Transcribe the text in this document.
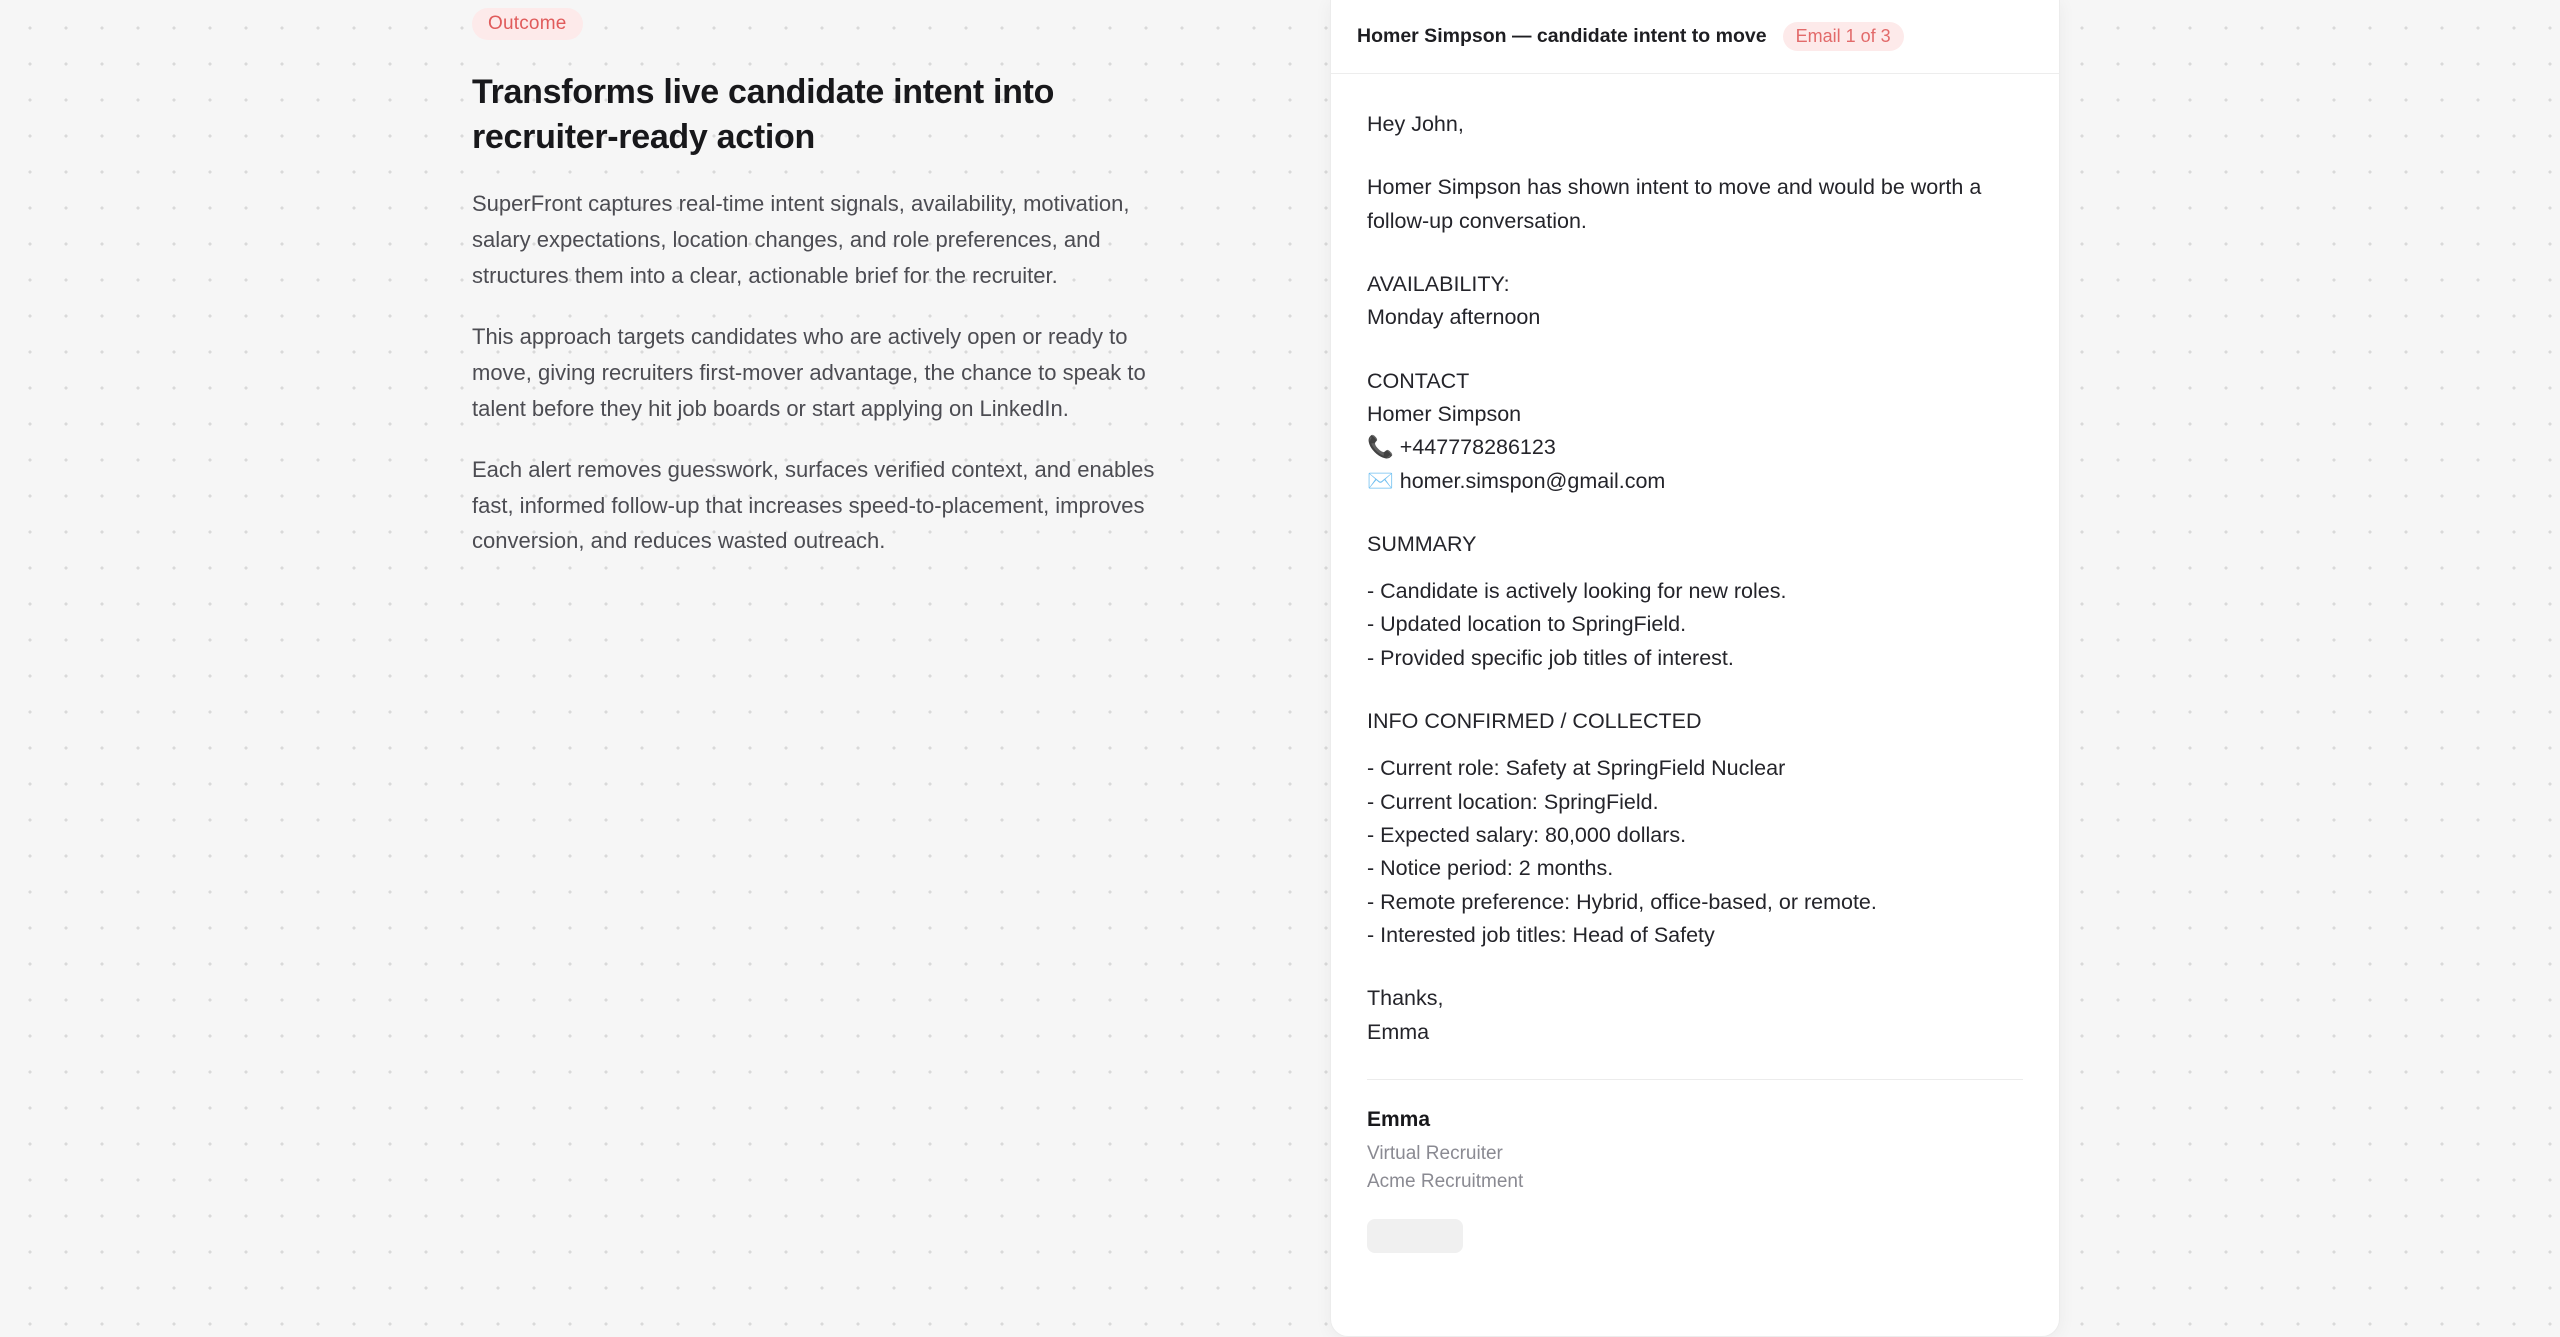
Outcome
Transforms live candidate intent into recruiter-ready action

SuperFront captures real-time intent signals, availability, motivation, salary expectations, location changes, and role preferences, and structures them into a clear, actionable brief for the recruiter.

This approach targets candidates who are actively open or ready to move, giving recruiters first-mover advantage, the chance to speak to talent before they hit job boards or start applying on LinkedIn.

Each alert removes guesswork, surfaces verified context, and enables fast, informed follow-up that increases speed-to-placement, improves conversion, and reduces wasted outreach.

Homer Simpson — candidate intent to move	Email 1 of 3

Hey John,

Homer Simpson has shown intent to move and would be worth a follow-up conversation.

AVAILABILITY:
Monday afternoon
CONTACT
Homer Simpson
📞 +447778286123
✉️ homer.simspon@gmail.com
SUMMARY
- Candidate is actively looking for new roles.
- Updated location to SpringField.
- Provided specific job titles of interest.
INFO CONFIRMED / COLLECTED
- Current role: Safety at SpringField Nuclear
- Current location: SpringField.
- Expected salary: 80,000 dollars.
- Notice period: 2 months.
- Remote preference: Hybrid, office-based, or remote.
- Interested job titles: Head of Safety
Thanks,
Emma
Emma
Virtual Recruiter
Acme Recruitment
